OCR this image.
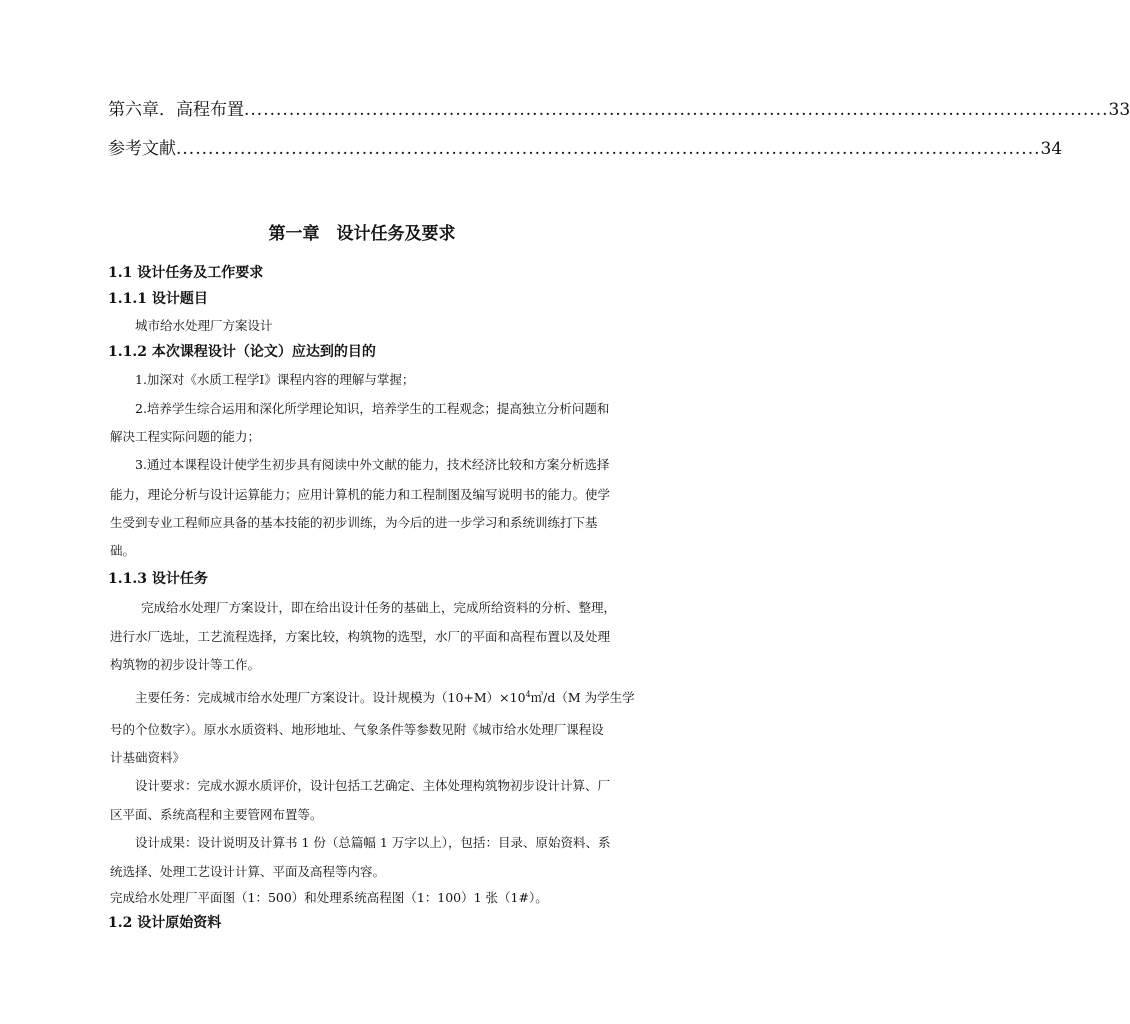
第六章．高程布置 ....................................................................................................................................... 33
参考文献 ....................................................................................................................................... 34
第一章　设计任务及要求
1.1 设计任务及工作要求
1.1.1 设计题目
城市给水处理厂方案设计
1.1.2 本次课程设计（论文）应达到的目的
1.加深对《水质工程学Ⅰ》课程内容的理解与掌握；
2.培养学生综合运用和深化所学理论知识，培养学生的工程观念；提高独立分析问题和
解决工程实际问题的能力；
3.通过本课程设计使学生初步具有阅读中外文献的能力，技术经济比较和方案分析选择
能力，理论分析与设计运算能力；应用计算机的能力和工程制图及编写说明书的能力。使学
生受到专业工程师应具备的基本技能的初步训练，为今后的进一步学习和系统训练打下基
础。
1.1.3 设计任务
完成给水处理厂方案设计，即在给出设计任务的基础上，完成所给资料的分析、整理，
进行水厂选址，工艺流程选择，方案比较，构筑物的选型，水厂的平面和高程布置以及处理
构筑物的初步设计等工作。
主要任务：完成城市给水处理厂方案设计。设计规模为$(10+M)\times 10^4㎥/d(M$ 为学生学
号的个位数字）。原水水质资料、地形地址、气象条件等参数见附《城市给水处理厂课程设
计基础资料》
设计要求：完成水源水质评价，设计包括工艺确定、主体处理构筑物初步设计计算、厂
区平面、系统高程和主要管网布置等。
设计成果：设计说明及计算书 1 份（总篇幅 1 万字以上），包括：目录、原始资料、系
统选择、处理工艺设计计算、平面及高程等内容。
完成给水处理厂平面图（1：500）和处理系统高程图（1：100）1 张（1#）。
1.2 设计原始资料
